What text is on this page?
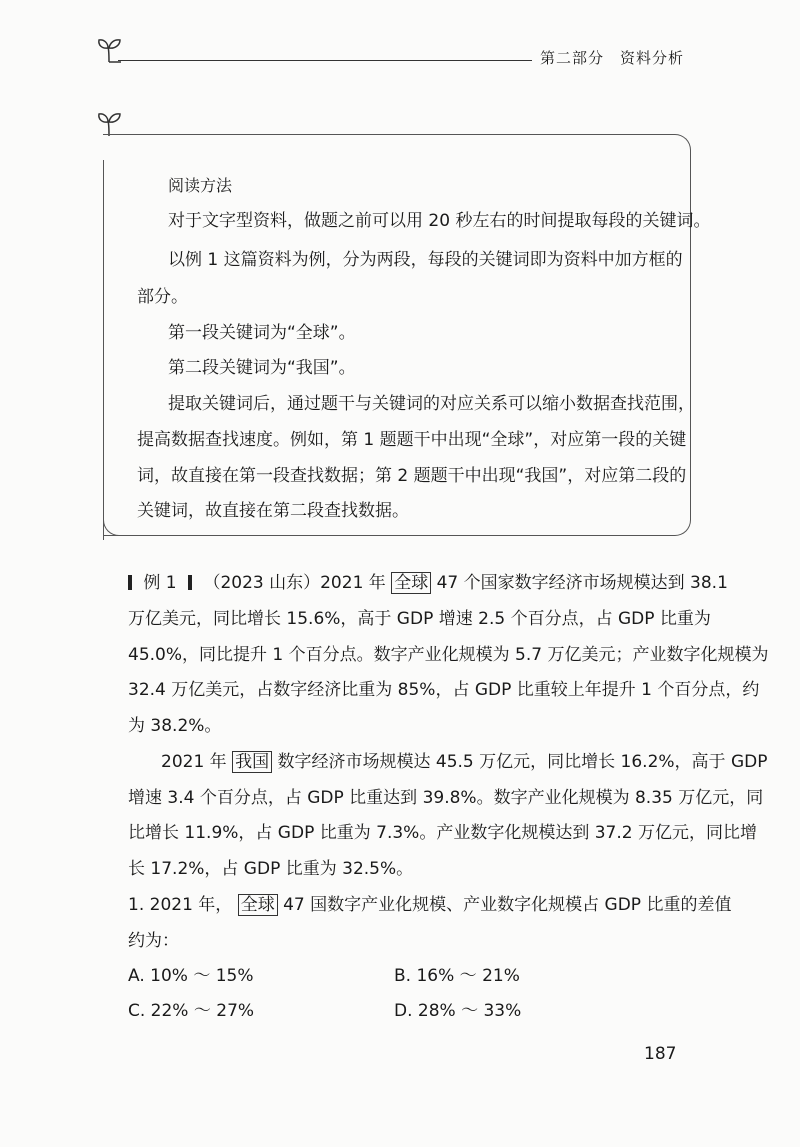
第二部分　资料分析
阅读方法
对于文字型资料，做题之前可以用 20 秒左右的时间提取每段的关键词。
以例 1 这篇资料为例，分为两段，每段的关键词即为资料中加方框的
部分。
第一段关键词为“全球”。
第二段关键词为“我国”。
提取关键词后，通过题干与关键词的对应关系可以缩小数据查找范围，
提高数据查找速度。例如，第 1 题题干中出现“全球”，对应第一段的关键
词，故直接在第一段查找数据；第 2 题题干中出现“我国”，对应第二段的
关键词，故直接在第二段查找数据。
例 1 （2023 山东）2021 年 全球 47 个国家数字经济市场规模达到 38.1
万亿美元，同比增长 15.6%，高于 GDP 增速 2.5 个百分点，占 GDP 比重为
45.0%，同比提升 1 个百分点。数字产业化规模为 5.7 万亿美元；产业数字化规模为
32.4 万亿美元，占数字经济比重为 85%，占 GDP 比重较上年提升 1 个百分点，约
为 38.2%。
2021 年 我国 数字经济市场规模达 45.5 万亿元，同比增长 16.2%，高于 GDP
增速 3.4 个百分点，占 GDP 比重达到 39.8%。数字产业化规模为 8.35 万亿元，同
比增长 11.9%，占 GDP 比重为 7.3%。产业数字化规模达到 37.2 万亿元，同比增
长 17.2%，占 GDP 比重为 32.5%。
1. 2021 年， 全球 47 国数字产业化规模、产业数字化规模占 GDP 比重的差值
约为：
A. 10% ～ 15%	B. 16% ～ 21%
C. 22% ～ 27%	D. 28% ～ 33%
187
